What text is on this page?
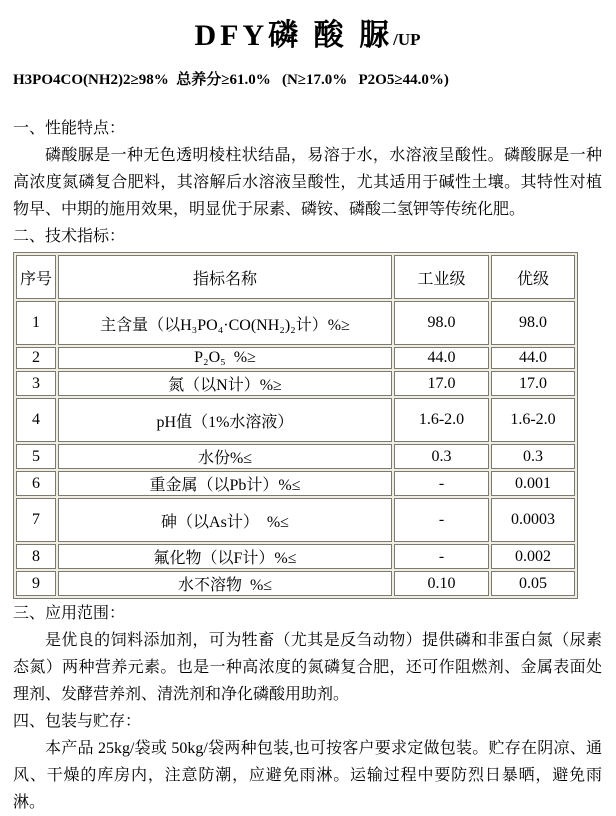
DFY磷 酸 脲/UP
H3PO4CO(NH2)2≥98%  总养分≥61.0%   (N≥17.0%   P2O5≥44.0%)
一、性能特点：

磷酸脲是一种无色透明棱柱状结晶，易溶于水，水溶液呈酸性。磷酸脲是一种高浓度氮磷复合肥料，其溶解后水溶液呈酸性，尤其适用于碱性土壤。其特性对植物早、中期的施用效果，明显优于尿素、磷铵、磷酸二氢钾等传统化肥。

二、技术指标：
序号	指标名称	工业级	优级
1	主含量（以H₃PO₄·CO(NH₂)₂计）%≥	98.0	98.0
2	P₂O₅  %≥	44.0	44.0
3	氮（以N计）%≥	17.0	17.0
4	pH值（1%水溶液）	1.6-2.0	1.6-2.0
5	水份%≤	0.3	0.3
6	重金属（以Pb计）%≤	-	0.001
7	砷（以As计）  %≤	-	0.0003
8	氟化物（以F计）%≤	-	0.002
9	水不溶物  %≤	0.10	0.05
三、应用范围：

是优良的饲料添加剂，可为牲畜（尤其是反刍动物）提供磷和非蛋白氮（尿素态氮）两种营养元素。也是一种高浓度的氮磷复合肥，还可作阻燃剂、金属表面处理剂、发酵营养剂、清洗剂和净化磷酸用助剂。

四、包装与贮存：

本产品 25kg/袋或 50kg/袋两种包装,也可按客户要求定做包装。贮存在阴凉、通风、干燥的库房内，注意防潮，应避免雨淋。运输过程中要防烈日暴晒，避免雨淋。
